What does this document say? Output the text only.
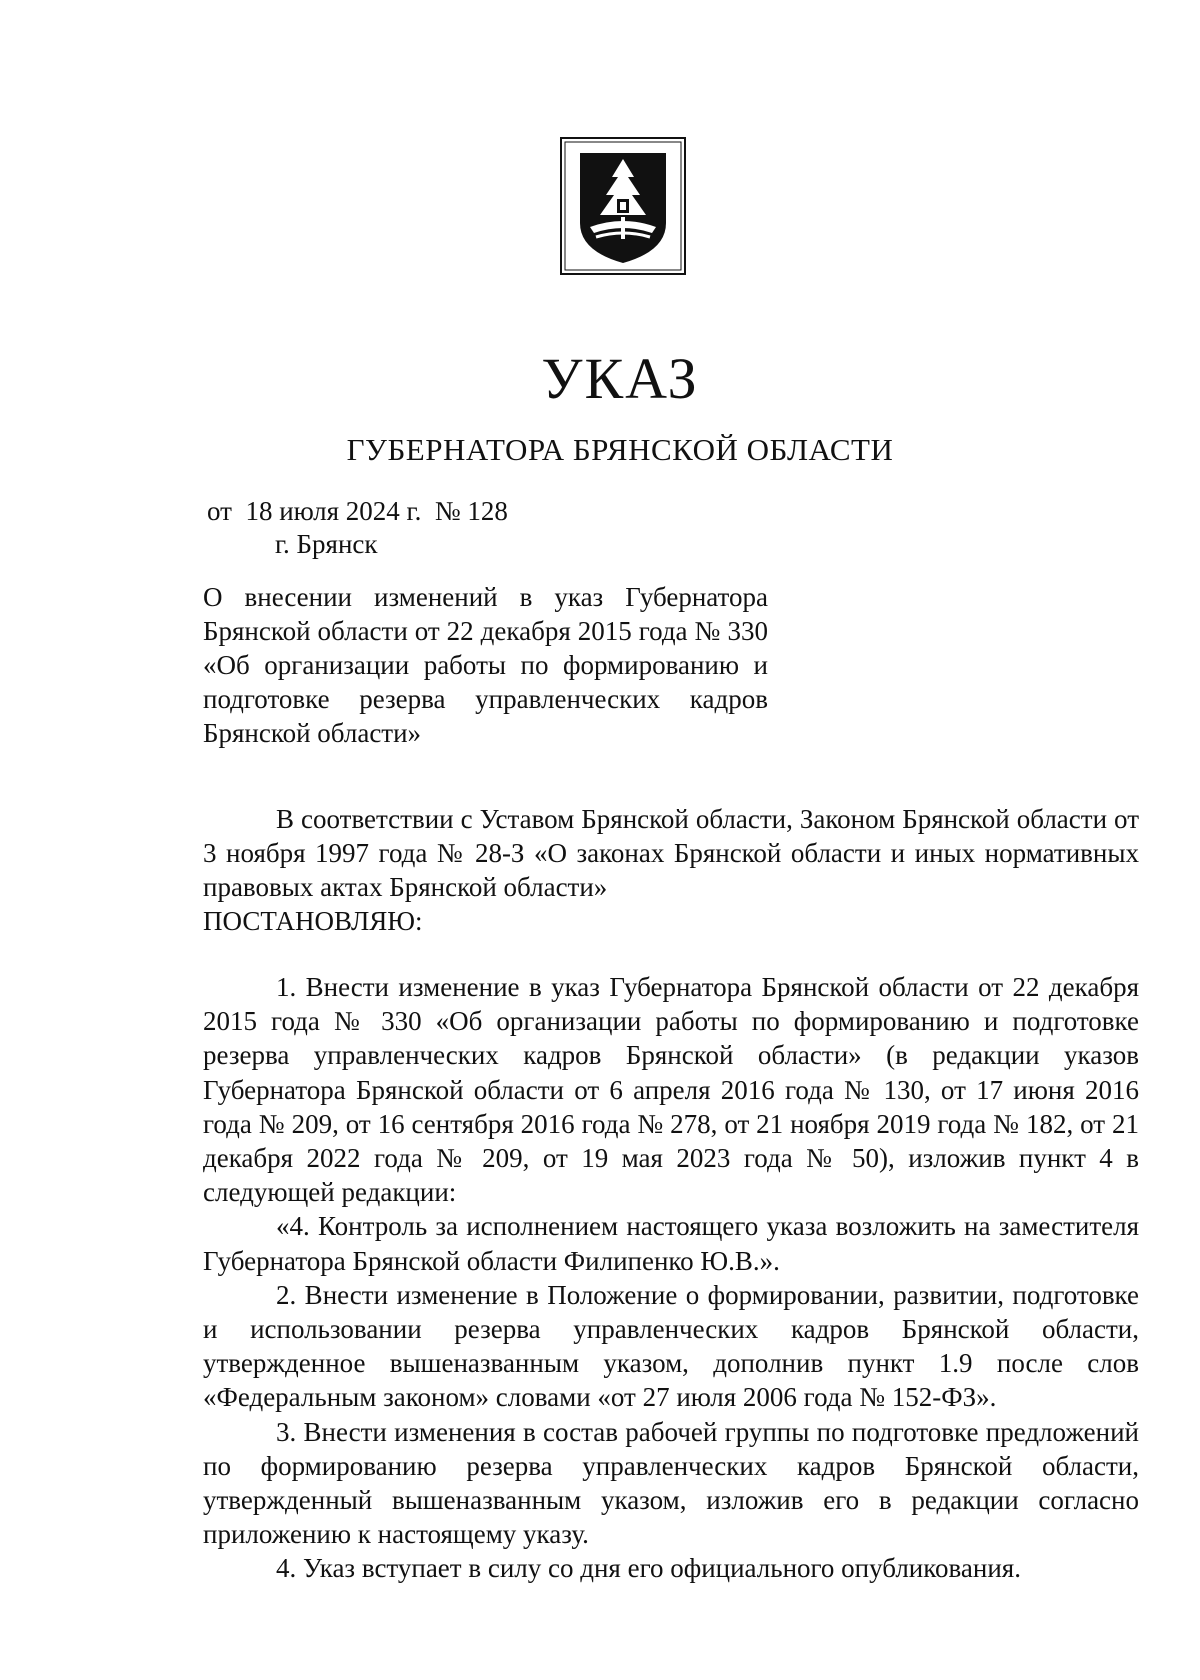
УКАЗ
ГУБЕРНАТОРА БРЯНСКОЙ ОБЛАСТИ
от  18 июля 2024 г.  № 128
г. Брянск
О внесении изменений в указ Губернатора Брянской области от 22 декабря 2015 года № 330 «Об организации работы по формированию и подготовке резерва управленческих кадров Брянской области»

В соответствии с Уставом Брянской области, Законом Брянской области от 3 ноября 1997 года № 28-З «О законах Брянской области и иных нормативных правовых актах Брянской области»

ПОСТАНОВЛЯЮ:

1. Внести изменение в указ Губернатора Брянской области от 22 декабря 2015 года № 330 «Об организации работы по формированию и подготовке резерва управленческих кадров Брянской области» (в редакции указов Губернатора Брянской области от 6 апреля 2016 года № 130, от 17 июня 2016 года № 209, от 16 сентября 2016 года № 278, от 21 ноября 2019 года № 182, от 21 декабря 2022 года № 209, от 19 мая 2023 года № 50), изложив пункт 4 в следующей редакции:

«4. Контроль за исполнением настоящего указа возложить на заместителя Губернатора Брянской области Филипенко Ю.В.».

2. Внести изменение в Положение о формировании, развитии, подготовке и использовании резерва управленческих кадров Брянской области, утвержденное вышеназванным указом, дополнив пункт 1.9 после слов «Федеральным законом» словами «от 27 июля 2006 года № 152-ФЗ».

3. Внести изменения в состав рабочей группы по подготовке предложений по формированию резерва управленческих кадров Брянской области, утвержденный вышеназванным указом, изложив его в редакции согласно приложению к настоящему указу.

4. Указ вступает в силу со дня его официального опубликования.
